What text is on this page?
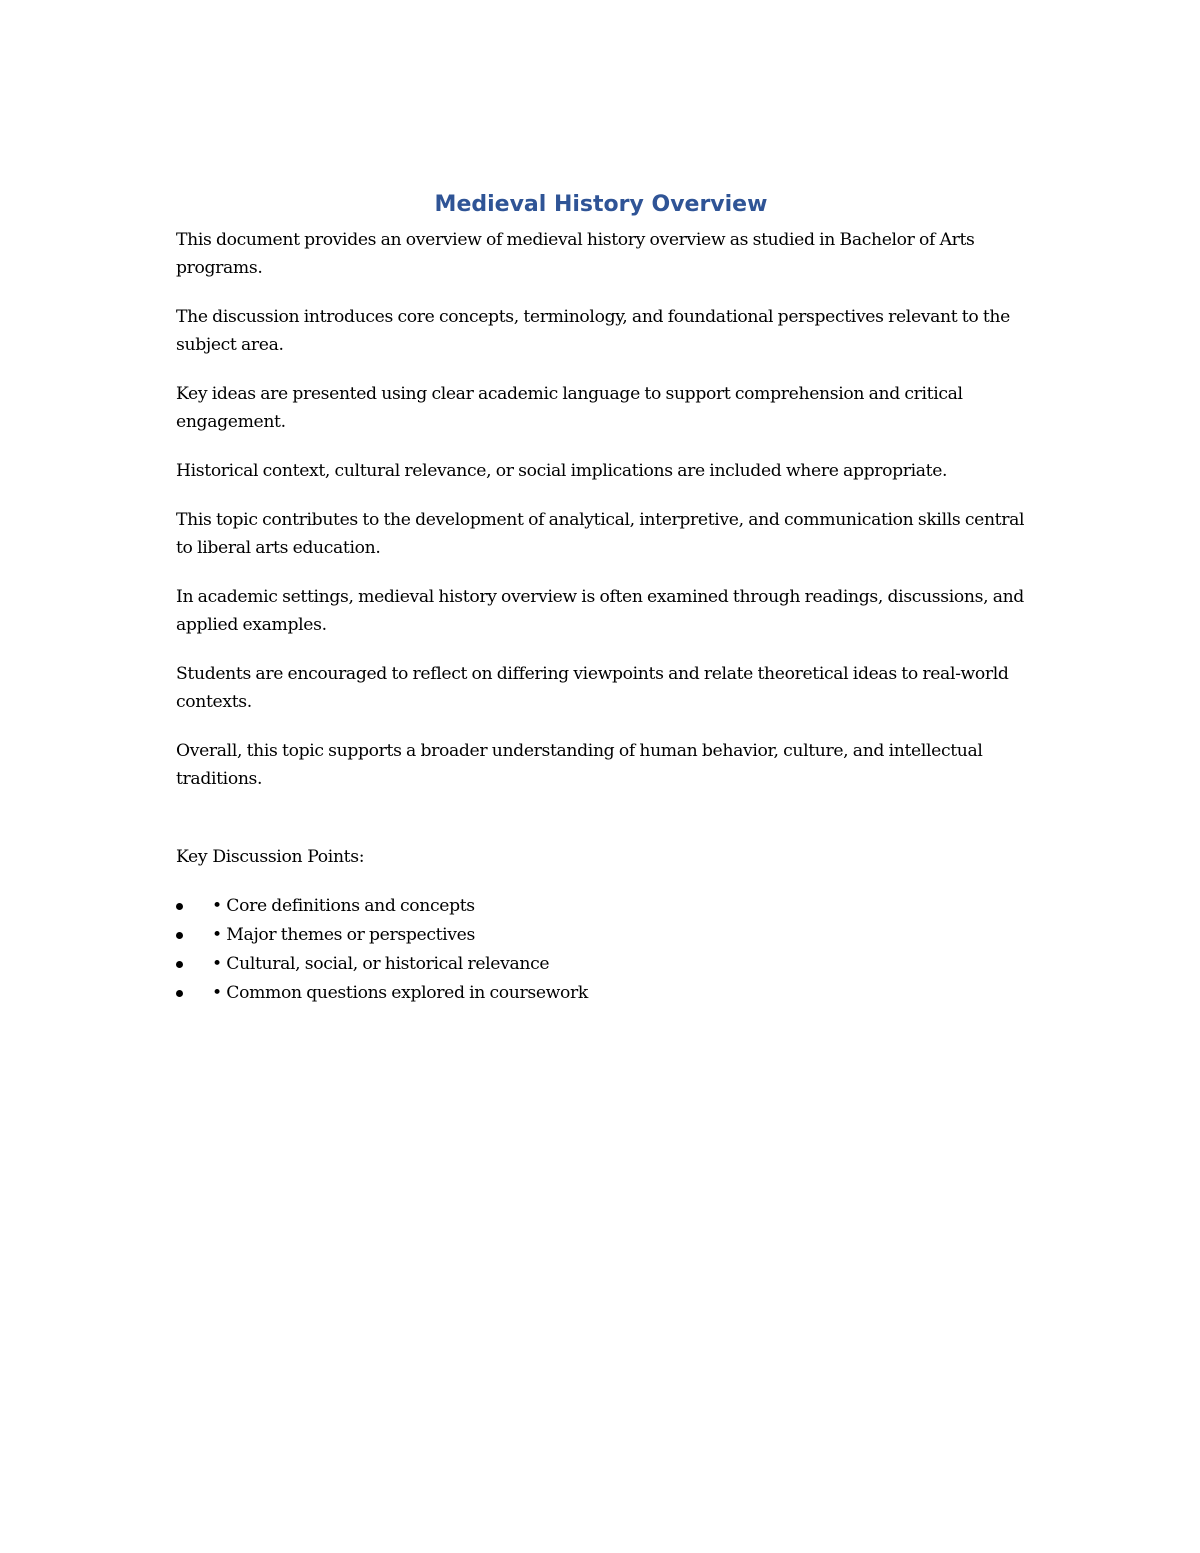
Medieval History Overview

This document provides an overview of medieval history overview as studied in Bachelor of Arts programs.

The discussion introduces core concepts, terminology, and foundational perspectives relevant to the subject area.

Key ideas are presented using clear academic language to support comprehension and critical engagement.

Historical context, cultural relevance, or social implications are included where appropriate.

This topic contributes to the development of analytical, interpretive, and communication skills central to liberal arts education.

In academic settings, medieval history overview is often examined through readings, discussions, and applied examples.

Students are encouraged to reflect on differing viewpoints and relate theoretical ideas to real-world contexts.

Overall, this topic supports a broader understanding of human behavior, culture, and intellectual traditions.

Key Discussion Points:

• Core definitions and concepts
• Major themes or perspectives
• Cultural, social, or historical relevance
• Common questions explored in coursework
